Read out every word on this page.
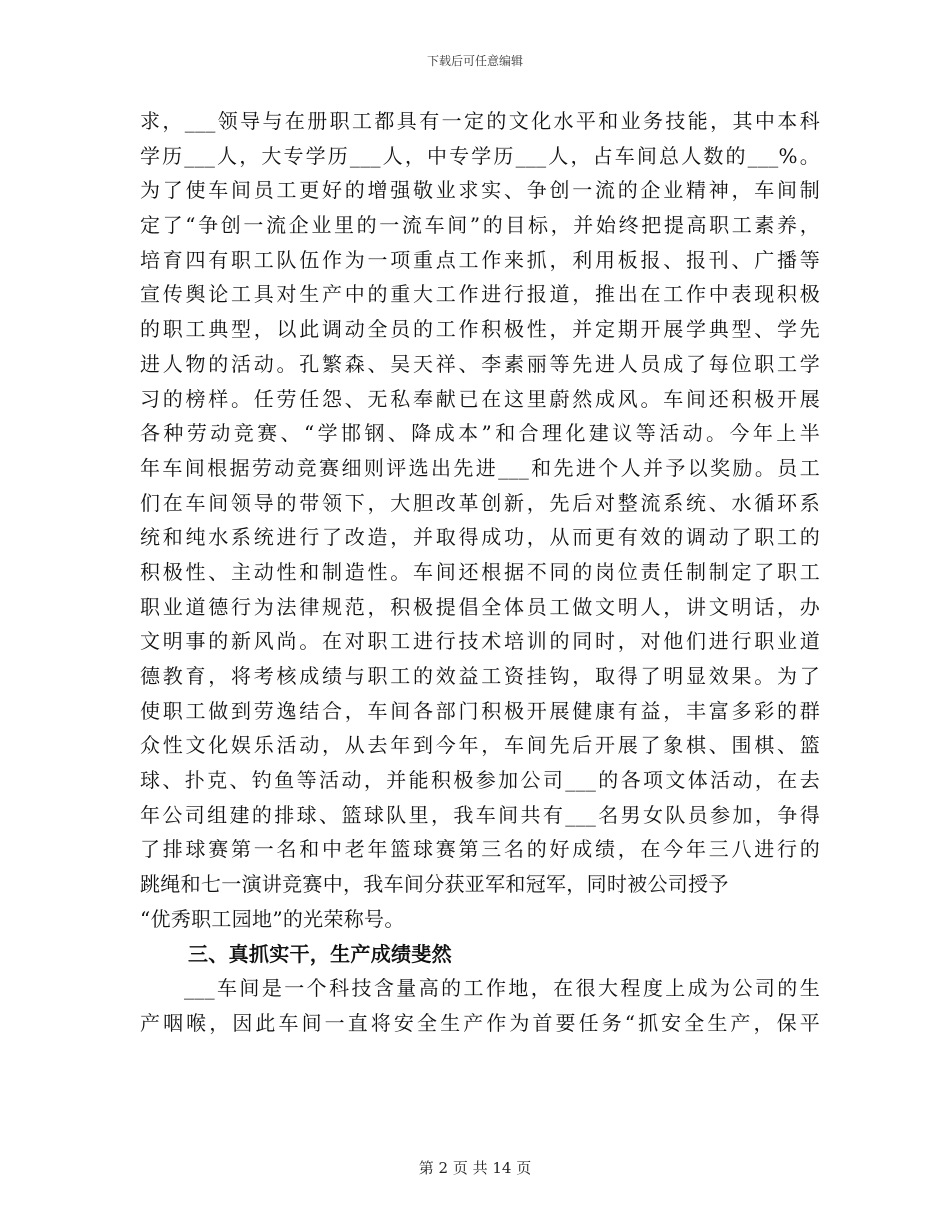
下载后可任意编辑
求，___领导与在册职工都具有一定的文化水平和业务技能，其中本科
学历___人，大专学历___人，中专学历___人，占车间总人数的___%。
为了使车间员工更好的增强敬业求实、争创一流的企业精神，车间制
定了“争创一流企业里的一流车间”的目标，并始终把提高职工素养，
培育四有职工队伍作为一项重点工作来抓，利用板报、报刊、广播等
宣传舆论工具对生产中的重大工作进行报道，推出在工作中表现积极
的职工典型，以此调动全员的工作积极性，并定期开展学典型、学先
进人物的活动。孔繁森、吴天祥、李素丽等先进人员成了每位职工学
习的榜样。任劳任怨、无私奉献已在这里蔚然成风。车间还积极开展
各种劳动竞赛、“学邯钢、降成本”和合理化建议等活动。今年上半
年车间根据劳动竞赛细则评选出先进___和先进个人并予以奖励。员工
们在车间领导的带领下，大胆改革创新，先后对整流系统、水循环系
统和纯水系统进行了改造，并取得成功，从而更有效的调动了职工的
积极性、主动性和制造性。车间还根据不同的岗位责任制制定了职工
职业道德行为法律规范，积极提倡全体员工做文明人，讲文明话，办
文明事的新风尚。在对职工进行技术培训的同时，对他们进行职业道
德教育，将考核成绩与职工的效益工资挂钩，取得了明显效果。为了
使职工做到劳逸结合，车间各部门积极开展健康有益，丰富多彩的群
众性文化娱乐活动，从去年到今年，车间先后开展了象棋、围棋、篮
球、扑克、钓鱼等活动，并能积极参加公司___的各项文体活动，在去
年公司组建的排球、篮球队里，我车间共有___名男女队员参加，争得
了排球赛第一名和中老年篮球赛第三名的好成绩，在今年三八进行的
跳绳和七一演讲竞赛中，我车间分获亚军和冠军，同时被公司授予
“优秀职工园地”的光荣称号。
三、真抓实干，生产成绩斐然
___车间是一个科技含量高的工作地，在很大程度上成为公司的生
产咽喉，因此车间一直将安全生产作为首要任务“抓安全生产，保平
第 2 页 共 14 页
